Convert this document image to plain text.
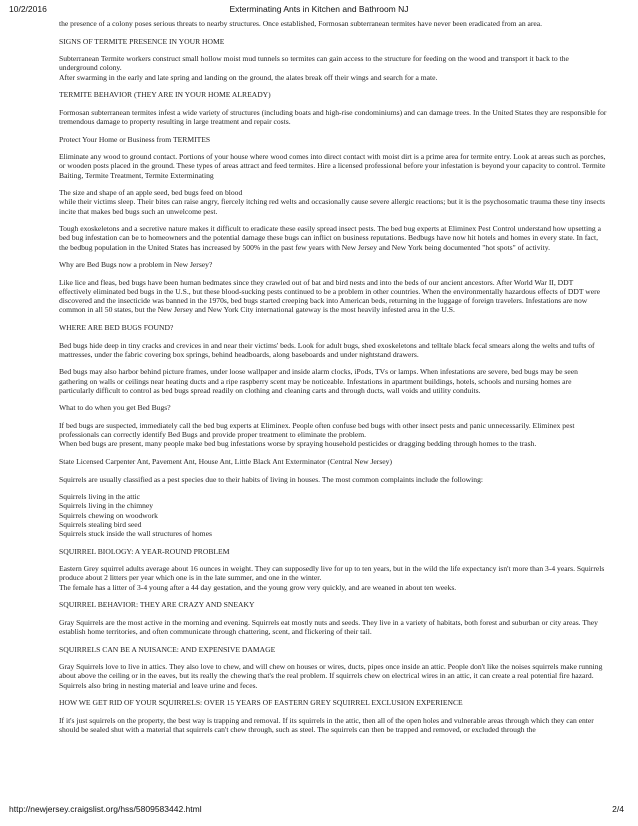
10/2/2016	Exterminating Ants in Kitchen and Bathroom NJ

the presence of a colony poses serious threats to nearby structures. Once established, Formosan subterranean termites have never been eradicated from an area.

SIGNS OF TERMITE PRESENCE IN YOUR HOME

Subterranean Termite workers construct small hollow moist mud tunnels so termites can gain access to the structure for feeding on the wood and transport it back to the underground colony.
After swarming in the early and late spring and landing on the ground, the alates break off their wings and search for a mate.

TERMITE BEHAVIOR (THEY ARE IN YOUR HOME ALREADY)

Formosan subterranean termites infest a wide variety of structures (including boats and high-rise condominiums) and can damage trees. In the United States they are responsible for tremendous damage to property resulting in large treatment and repair costs.

Protect Your Home or Business from TERMITES

Eliminate any wood to ground contact. Portions of your house where wood comes into direct contact with moist dirt is a prime area for termite entry. Look at areas such as porches, or wooden posts placed in the ground. These types of areas attract and feed termites. Hire a licensed professional before your infestation is beyond your capacity to control. Termite Baiting, Termite Treatment, Termite Exterminating

The size and shape of an apple seed, bed bugs feed on blood
while their victims sleep. Their bites can raise angry, fiercely itching red welts and occasionally cause severe allergic reactions; but it is the psychosomatic trauma these tiny insects incite that makes bed bugs such an unwelcome pest.

Tough exoskeletons and a secretive nature makes it difficult to eradicate these easily spread insect pests. The bed bug experts at Eliminex Pest Control understand how upsetting a bed bug infestation can be to homeowners and the potential damage these bugs can inflict on business reputations. Bedbugs have now hit hotels and homes in every state. In fact, the bedbug population in the United States has increased by 500% in the past few years with New Jersey and New York being documented "hot spots" of activity.

Why are Bed Bugs now a problem in New Jersey?

Like lice and fleas, bed bugs have been human bedmates since they crawled out of bat and bird nests and into the beds of our ancient ancestors. After World War II, DDT effectively eliminated bed bugs in the U.S., but these blood-sucking pests continued to be a problem in other countries. When the environmentally hazardous effects of DDT were discovered and the insecticide was banned in the 1970s, bed bugs started creeping back into American beds, returning in the luggage of foreign travelers. Infestations are now common in all 50 states, but the New Jersey and New York City international gateway is the most heavily infested area in the U.S.

WHERE ARE BED BUGS FOUND?

Bed bugs hide deep in tiny cracks and crevices in and near their victims' beds. Look for adult bugs, shed exoskeletons and telltale black fecal smears along the welts and tufts of mattresses, under the fabric covering box springs, behind headboards, along baseboards and under nightstand drawers.

Bed bugs may also harbor behind picture frames, under loose wallpaper and inside alarm clocks, iPods, TVs or lamps. When infestations are severe, bed bugs may be seen gathering on walls or ceilings near heating ducts and a ripe raspberry scent may be noticeable. Infestations in apartment buildings, hotels, schools and nursing homes are particularly difficult to control as bed bugs spread readily on clothing and cleaning carts and through ducts, wall voids and utility conduits.

What to do when you get Bed Bugs?

If bed bugs are suspected, immediately call the bed bug experts at Eliminex. People often confuse bed bugs with other insect pests and panic unnecessarily. Eliminex pest professionals can correctly identify Bed Bugs and provide proper treatment to eliminate the problem.
When bed bugs are present, many people make bed bug infestations worse by spraying household pesticides or dragging bedding through homes to the trash.

State Licensed Carpenter Ant, Pavement Ant, House Ant, Little Black Ant Exterminator (Central New Jersey)

Squirrels are usually classified as a pest species due to their habits of living in houses. The most common complaints include the following:

Squirrels living in the attic
Squirrels living in the chimney
Squirrels chewing on woodwork
Squirrels stealing bird seed
Squirrels stuck inside the wall structures of homes

SQUIRREL BIOLOGY: A YEAR-ROUND PROBLEM

Eastern Grey squirrel adults average about 16 ounces in weight. They can supposedly live for up to ten years, but in the wild the life expectancy isn't more than 3-4 years. Squirrels produce about 2 litters per year which one is in the late summer, and one in the winter.
The female has a litter of 3-4 young after a 44 day gestation, and the young grow very quickly, and are weaned in about ten weeks.

SQUIRREL BEHAVIOR: THEY ARE CRAZY AND SNEAKY

Gray Squirrels are the most active in the morning and evening. Squirrels eat mostly nuts and seeds. They live in a variety of habitats, both forest and suburban or city areas. They establish home territories, and often communicate through chattering, scent, and flickering of their tail.

SQUIRRELS CAN BE A NUISANCE: AND EXPENSIVE DAMAGE

Gray Squirrels love to live in attics. They also love to chew, and will chew on houses or wires, ducts, pipes once inside an attic. People don't like the noises squirrels make running about above the ceiling or in the eaves, but its really the chewing that's the real problem. If squirrels chew on electrical wires in an attic, it can create a real potential fire hazard. Squirrels also bring in nesting material and leave urine and feces.

HOW WE GET RID OF YOUR SQUIRRELS: OVER 15 YEARS OF EASTERN GREY SQUIRREL EXCLUSION EXPERIENCE

If it's just squirrels on the property, the best way is trapping and removal. If its squirrels in the attic, then all of the open holes and vulnerable areas through which they can enter should be sealed shut with a material that squirrels can't chew through, such as steel. The squirrels can then be trapped and removed, or excluded through the

http://newjersey.craigslist.org/hss/5809583442.html	2/4
